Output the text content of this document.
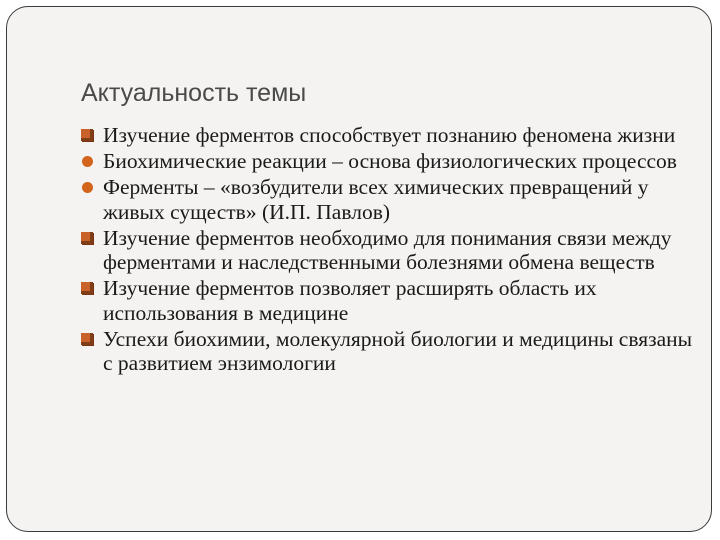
Актуальность темы
Изучение ферментов способствует познанию феномена жизни
Биохимические реакции – основа физиологических процессов
Ферменты – «возбудители всех химических превращений у живых существ» (И.П. Павлов)
Изучение ферментов необходимо для понимания связи между ферментами и наследственными болезнями обмена веществ
Изучение ферментов позволяет расширять область их использования в медицине
Успехи биохимии, молекулярной биологии и медицины связаны с развитием энзимологии
